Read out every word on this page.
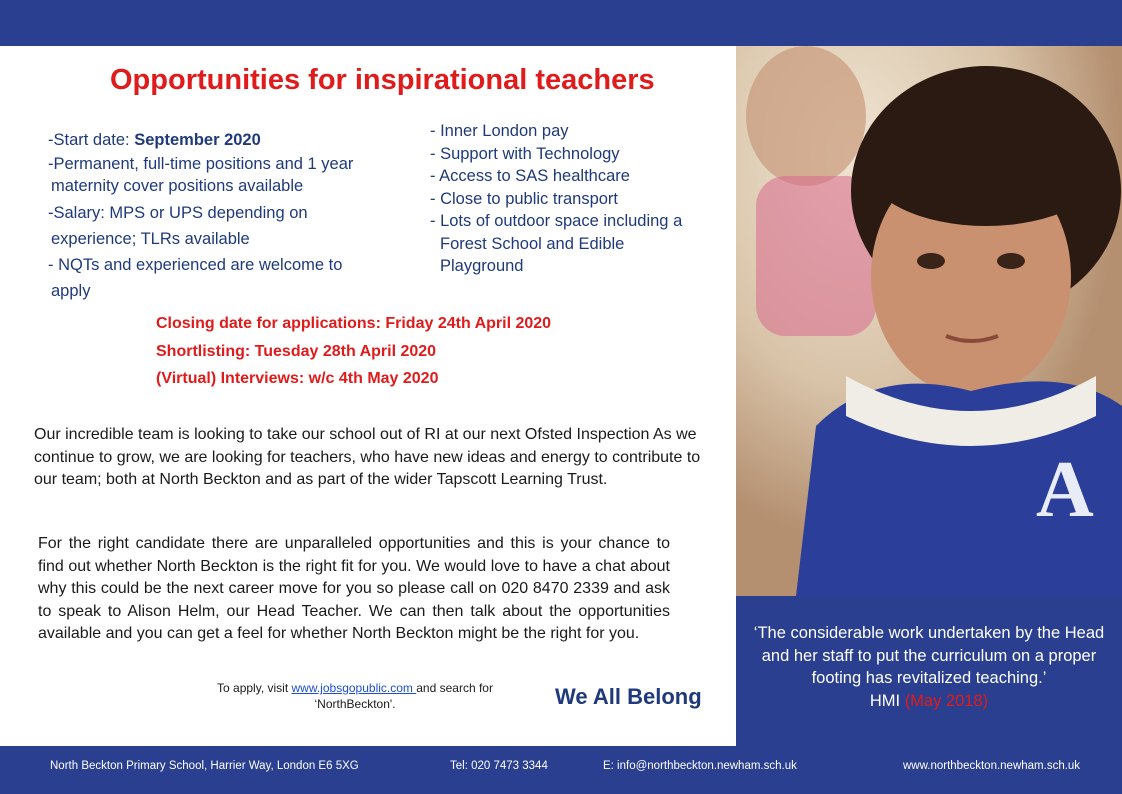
A
Opportunities for inspirational teachers
-Start date: September 2020
-Permanent, full-time positions and 1 year

maternity cover positions available
-Salary: MPS or UPS depending on

experience; TLRs available
- NQTs and experienced are welcome to

apply
- Inner London pay
- Support with Technology
- Access to SAS healthcare
- Close to public transport
- Lots of outdoor space including a

Forest School and Edible
Playground
Closing date for applications: Friday 24th April 2020
Shortlisting: Tuesday 28th April 2020
(Virtual) Interviews: w/c 4th May 2020

Our incredible team is looking to take our school out of RI at our next Ofsted Inspection As we continue to grow, we are looking for teachers, who have new ideas and energy to contribute to our team; both at North Beckton and as part of the wider Tapscott Learning Trust.

For the right candidate there are unparalleled opportunities and this is your chance to find out whether North Beckton is the right fit for you. We would love to have a chat about why this could be the next career move for you so please call on 020 8470 2339 and ask to speak to Alison Helm, our Head Teacher. We can then talk about the opportunities available and you can get a feel for whether North Beckton might be the right for you.

To apply, visit www.jobsgopublic.com and search for
‘NorthBeckton'.	We All Belong
‘The considerable work undertaken by the Head and her staff to put the curriculum on a proper footing has revitalized teaching.’
HMI (May 2018)
North Beckton Primary School, Harrier Way, London E6 5XG	Tel: 020 7473 3344	E: info@northbeckton.newham.sch.uk	www.northbeckton.newham.sch.uk
